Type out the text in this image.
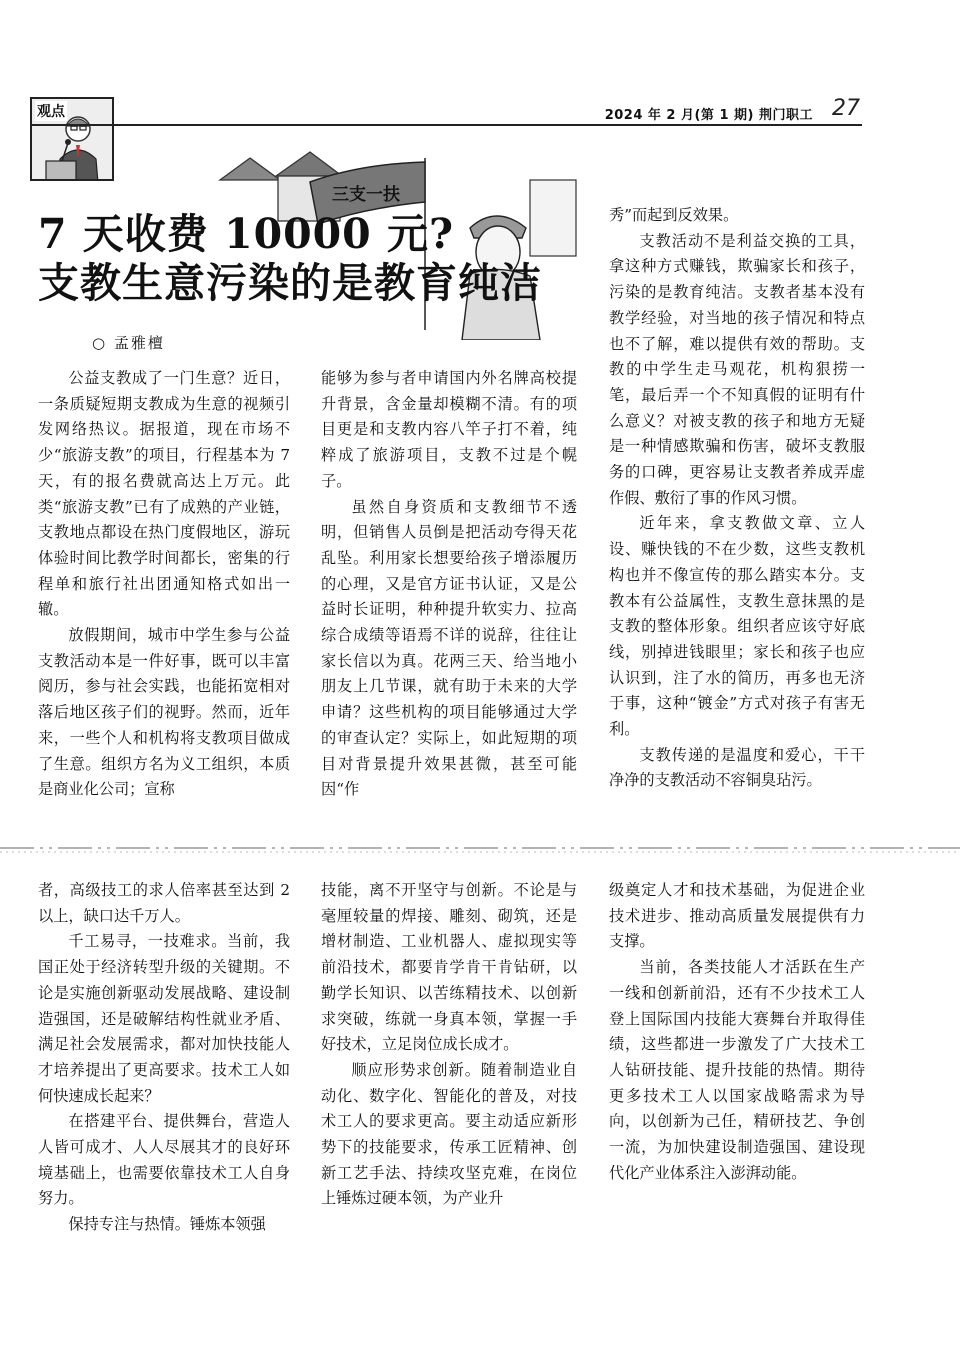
观点	2024 年 2 月(第 1 期) 荆门职工 27
三支一扶
7 天收费 10000 元?
支教生意污染的是教育纯洁
○ 孟雅檀

公益支教成了一门生意？近日，一条质疑短期支教成为生意的视频引发网络热议。据报道，现在市场不少“旅游支教”的项目，行程基本为 7 天，有的报名费就高达上万元。此类“旅游支教”已有了成熟的产业链，支教地点都设在热门度假地区，游玩体验时间比教学时间都长，密集的行程单和旅行社出团通知格式如出一辙。

放假期间，城市中学生参与公益支教活动本是一件好事，既可以丰富阅历，参与社会实践，也能拓宽相对落后地区孩子们的视野。然而，近年来，一些个人和机构将支教项目做成了生意。组织方名为义工组织，本质是商业化公司；宣称

能够为参与者申请国内外名牌高校提升背景，含金量却模糊不清。有的项目更是和支教内容八竿子打不着，纯粹成了旅游项目，支教不过是个幌子。

虽然自身资质和支教细节不透明，但销售人员倒是把活动夸得天花乱坠。利用家长想要给孩子增添履历的心理，又是官方证书认证，又是公益时长证明，种种提升软实力、拉高综合成绩等语焉不详的说辞，往往让家长信以为真。花两三天、给当地小朋友上几节课，就有助于未来的大学申请？这些机构的项目能够通过大学的审查认定？实际上，如此短期的项目对背景提升效果甚微，甚至可能因“作

秀”而起到反效果。

支教活动不是利益交换的工具，拿这种方式赚钱，欺骗家长和孩子，污染的是教育纯洁。支教者基本没有教学经验，对当地的孩子情况和特点也不了解，难以提供有效的帮助。支教的中学生走马观花，机构狠捞一笔，最后弄一个不知真假的证明有什么意义？对被支教的孩子和地方无疑是一种情感欺骗和伤害，破坏支教服务的口碑，更容易让支教者养成弄虚作假、敷衍了事的作风习惯。

近年来，拿支教做文章、立人设、赚快钱的不在少数，这些支教机构也并不像宣传的那么踏实本分。支教本有公益属性，支教生意抹黑的是支教的整体形象。组织者应该守好底线，别掉进钱眼里；家长和孩子也应认识到，注了水的简历，再多也无济于事，这种“镀金”方式对孩子有害无利。

支教传递的是温度和爱心，干干净净的支教活动不容铜臭玷污。

者，高级技工的求人倍率甚至达到 2 以上，缺口达千万人。

千工易寻，一技难求。当前，我国正处于经济转型升级的关键期。不论是实施创新驱动发展战略、建设制造强国，还是破解结构性就业矛盾、满足社会发展需求，都对加快技能人才培养提出了更高要求。技术工人如何快速成长起来？

在搭建平台、提供舞台，营造人人皆可成才、人人尽展其才的良好环境基础上，也需要依靠技术工人自身努力。

保持专注与热情。锤炼本领强

技能，离不开坚守与创新。不论是与毫厘较量的焊接、雕刻、砌筑，还是增材制造、工业机器人、虚拟现实等前沿技术，都要肯学肯干肯钻研，以勤学长知识、以苦练精技术、以创新求突破，练就一身真本领，掌握一手好技术，立足岗位成长成才。

顺应形势求创新。随着制造业自动化、数字化、智能化的普及，对技术工人的要求更高。要主动适应新形势下的技能要求，传承工匠精神、创新工艺手法、持续攻坚克难，在岗位上锤炼过硬本领，为产业升

级奠定人才和技术基础，为促进企业技术进步、推动高质量发展提供有力支撑。

当前，各类技能人才活跃在生产一线和创新前沿，还有不少技术工人登上国际国内技能大赛舞台并取得佳绩，这些都进一步激发了广大技术工人钻研技能、提升技能的热情。期待更多技术工人以国家战略需求为导向，以创新为己任，精研技艺、争创一流，为加快建设制造强国、建设现代化产业体系注入澎湃动能。
